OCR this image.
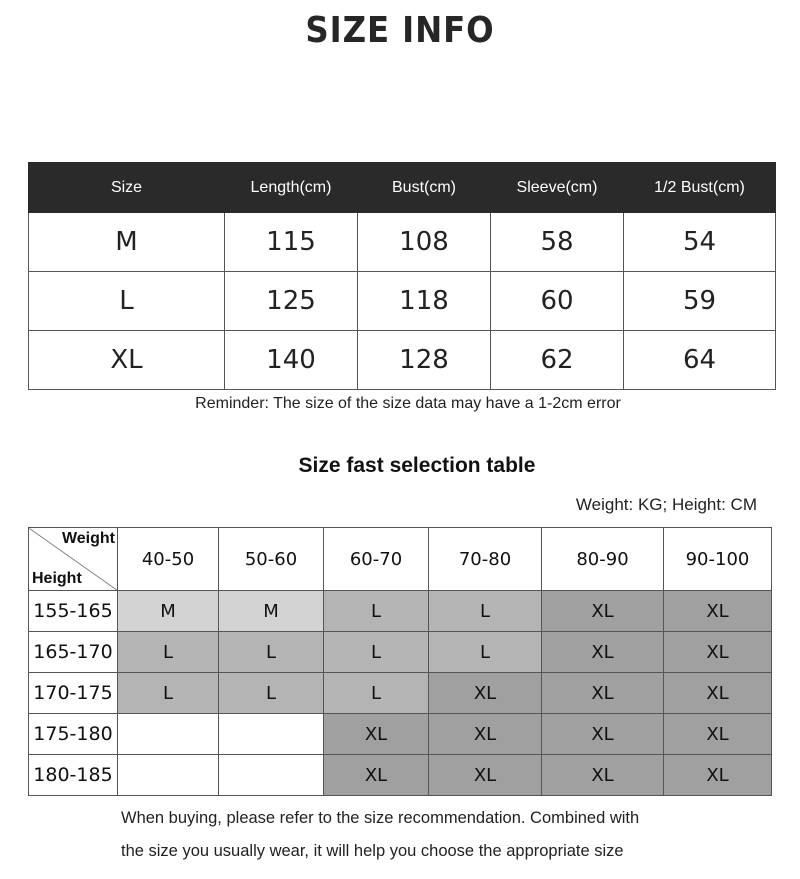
SIZE INFO
Size	Length(cm)	Bust(cm)	Sleeve(cm)	1/2 Bust(cm)
M	115	108	58	54
L	125	118	60	59
XL	140	128	62	64
Reminder: The size of the size data may have a 1-2cm error
Size fast selection table
Weight: KG; Height: CM
Weight
Height	40-50	50-60	60-70	70-80	80-90	90-100
155-165	M	M	L	L	XL	XL
165-170	L	L	L	L	XL	XL
170-175	L	L	L	XL	XL	XL
175-180			XL	XL	XL	XL
180-185			XL	XL	XL	XL
When buying, please refer to the size recommendation. Combined with
the size you usually wear, it will help you choose the appropriate size
